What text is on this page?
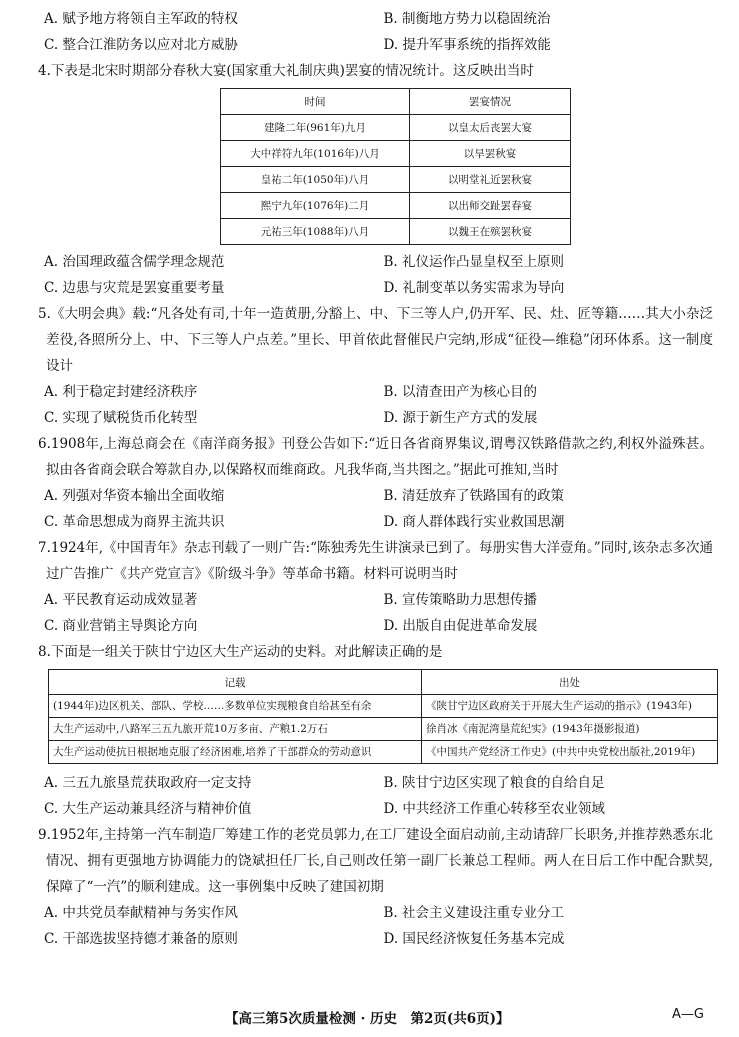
A. 赋予地方将领自主军政的特权	B. 制衡地方势力以稳固统治
C. 整合江淮防务以应对北方威胁	D. 提升军事系统的指挥效能

4.下表是北宋时期部分春秋大宴(国家重大礼制庆典)罢宴的情况统计。这反映出当时

时间	罢宴情况
建隆二年(961年)九月	以皇太后丧罢大宴
大中祥符九年(1016年)八月	以旱罢秋宴
皇祐二年(1050年)八月	以明堂礼近罢秋宴
熙宁九年(1076年)二月	以出师交趾罢春宴
元祐三年(1088年)八月	以魏王在殡罢秋宴
A. 治国理政蕴含儒学理念规范	B. 礼仪运作凸显皇权至上原则
C. 边患与灾荒是罢宴重要考量	D. 礼制变革以务实需求为导向

5.《大明会典》载:“凡各处有司,十年一造黄册,分豁上、中、下三等人户,仍开军、民、灶、匠等籍……其大小杂泛差役,各照所分上、中、下三等人户点差。”里长、甲首依此督催民户完纳,形成“征役—维稳”闭环体系。这一制度设计

A. 利于稳定封建经济秩序	B. 以清查田产为核心目的
C. 实现了赋税货币化转型	D. 源于新生产方式的发展

6.1908年,上海总商会在《南洋商务报》刊登公告如下:“近日各省商界集议,谓粤汉铁路借款之约,利权外溢殊甚。拟由各省商会联合筹款自办,以保路权而维商政。凡我华商,当共图之。”据此可推知,当时

A. 列强对华资本输出全面收缩	B. 清廷放弃了铁路国有的政策
C. 革命思想成为商界主流共识	D. 商人群体践行实业救国思潮

7.1924年,《中国青年》杂志刊载了一则广告:“陈独秀先生讲演录已到了。每册实售大洋壹角。”同时,该杂志多次通过广告推广《共产党宣言》《阶级斗争》等革命书籍。材料可说明当时

A. 平民教育运动成效显著	B. 宣传策略助力思想传播
C. 商业营销主导舆论方向	D. 出版自由促进革命发展

8.下面是一组关于陕甘宁边区大生产运动的史料。对此解读正确的是

记载	出处
(1944年)边区机关、部队、学校……多数单位实现粮食自给甚至有余	《陕甘宁边区政府关于开展大生产运动的指示》(1943年)
大生产运动中,八路军三五九旅开荒10万多亩、产粮1.2万石	徐肖冰《南泥湾垦荒纪实》(1943年摄影报道)
大生产运动使抗日根据地克服了经济困难,培养了干部群众的劳动意识	《中国共产党经济工作史》(中共中央党校出版社,2019年)
A. 三五九旅垦荒获取政府一定支持	B. 陕甘宁边区实现了粮食的自给自足
C. 大生产运动兼具经济与精神价值	D. 中共经济工作重心转移至农业领域

9.1952年,主持第一汽车制造厂筹建工作的老党员郭力,在工厂建设全面启动前,主动请辞厂长职务,并推荐熟悉东北情况、拥有更强地方协调能力的饶斌担任厂长,自己则改任第一副厂长兼总工程师。两人在日后工作中配合默契,保障了“一汽”的顺利建成。这一事例集中反映了建国初期

A. 中共党员奉献精神与务实作风	B. 社会主义建设注重专业分工
C. 干部选拔坚持德才兼备的原则	D. 国民经济恢复任务基本完成
【高三第5次质量检测 · 历史　第2页(共6页)】	A—G
